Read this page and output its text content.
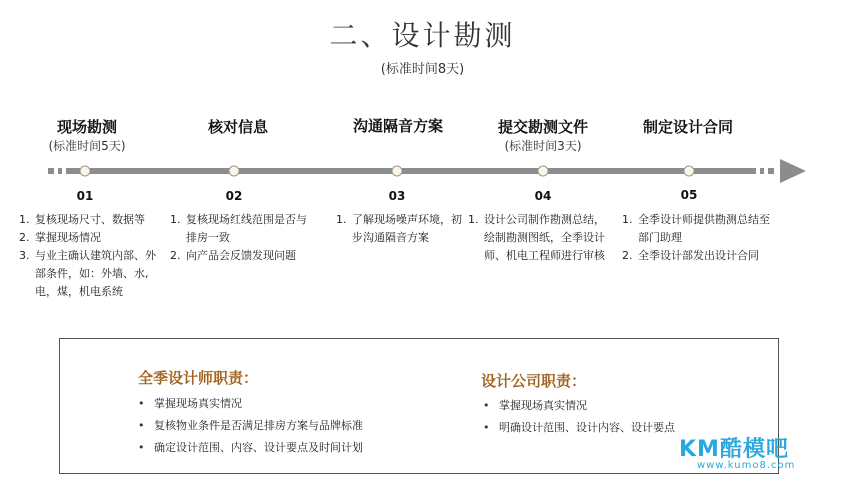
二、设计勘测
(标准时间8天)
现场勘测
(标准时间5天)
核对信息	沟通隔音方案	提交勘测文件
(标准时间3天)
制定设计合同
01	02	03	04	05
1. 复核现场尺寸、数据等
2. 掌握现场情况
3. 与业主确认建筑内部、外部条件，如：外墙、水, 电，煤，机电系统
1. 复核现场红线范围是否与排房一致
2. 向产品会反馈发现问题
1. 了解现场噪声环境，初步沟通隔音方案
1. 设计公司制作勘测总结，绘制勘测图纸，全季设计师、机电工程师进行审核
1. 全季设计师提供勘测总结至部门助理
2. 全季设计部发出设计合同
全季设计师职责：
• 掌握现场真实情况
• 复核物业条件是否满足排房方案与品牌标准
• 确定设计范围、内容、设计要点及时间计划
设计公司职责：
• 掌握现场真实情况
• 明确设计范围、设计内容、设计要点
KM酷模吧
www.kumo8.com
